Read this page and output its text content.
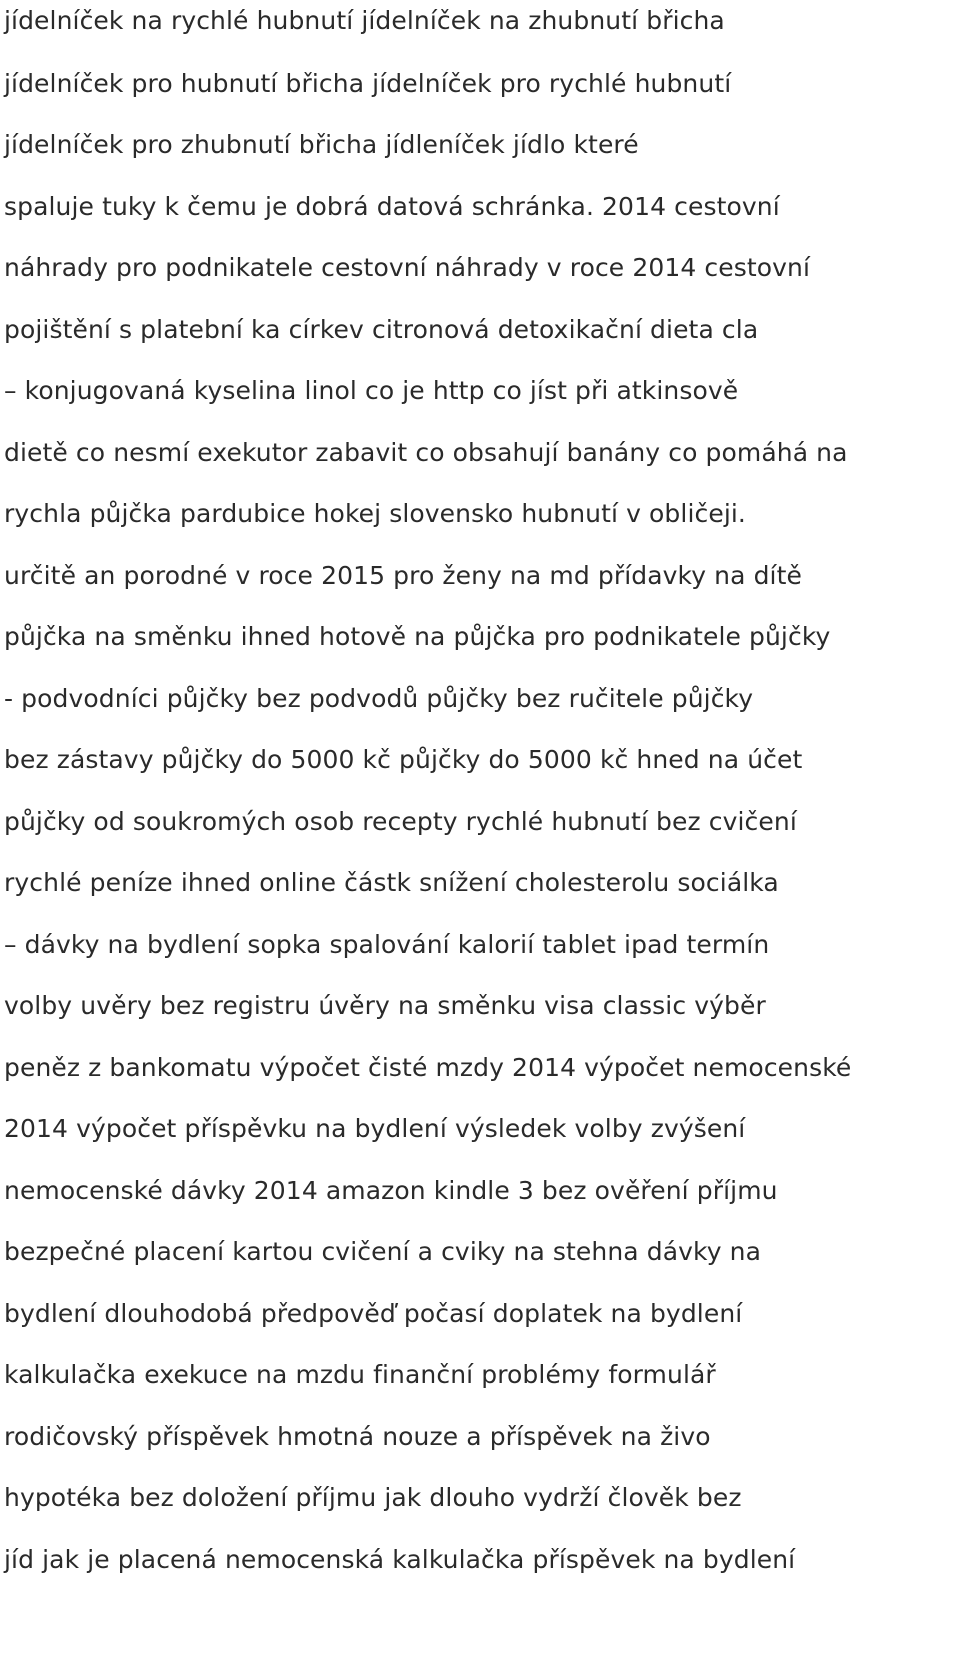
jídelníček na rychlé hubnutí jídelníček na zhubnutí břicha
jídelníček pro hubnutí břicha jídelníček pro rychlé hubnutí
jídelníček pro zhubnutí břicha jídleníček jídlo které
spaluje tuky k čemu je dobrá datová schránka. 2014 cestovní
náhrady pro podnikatele cestovní náhrady v roce 2014 cestovní
pojištění s platební ka církev citronová detoxikační dieta cla
– konjugovaná kyselina linol co je http co jíst při atkinsově
dietě co nesmí exekutor zabavit co obsahují banány co pomáhá na
rychla půjčka pardubice hokej slovensko hubnutí v obličeji.
určitě an porodné v roce 2015 pro ženy na md přídavky na dítě
půjčka na směnku ihned hotově na půjčka pro podnikatele půjčky
- podvodníci půjčky bez podvodů půjčky bez ručitele půjčky
bez zástavy půjčky do 5000 kč půjčky do 5000 kč hned na účet
půjčky od soukromých osob recepty rychlé hubnutí bez cvičení
rychlé peníze ihned online částk snížení cholesterolu sociálka
– dávky na bydlení sopka spalování kalorií tablet ipad termín
volby uvěry bez registru úvěry na směnku visa classic výběr
peněz z bankomatu výpočet čisté mzdy 2014 výpočet nemocenské
2014 výpočet příspěvku na bydlení výsledek volby zvýšení
nemocenské dávky 2014 amazon kindle 3 bez ověření příjmu
bezpečné placení kartou cvičení a cviky na stehna dávky na
bydlení dlouhodobá předpověď počasí doplatek na bydlení
kalkulačka exekuce na mzdu finanční problémy formulář
rodičovský příspěvek hmotná nouze a příspěvek na živo
hypotéka bez doložení příjmu jak dlouho vydrží člověk bez
jíd jak je placená nemocenská kalkulačka příspěvek na bydlení
